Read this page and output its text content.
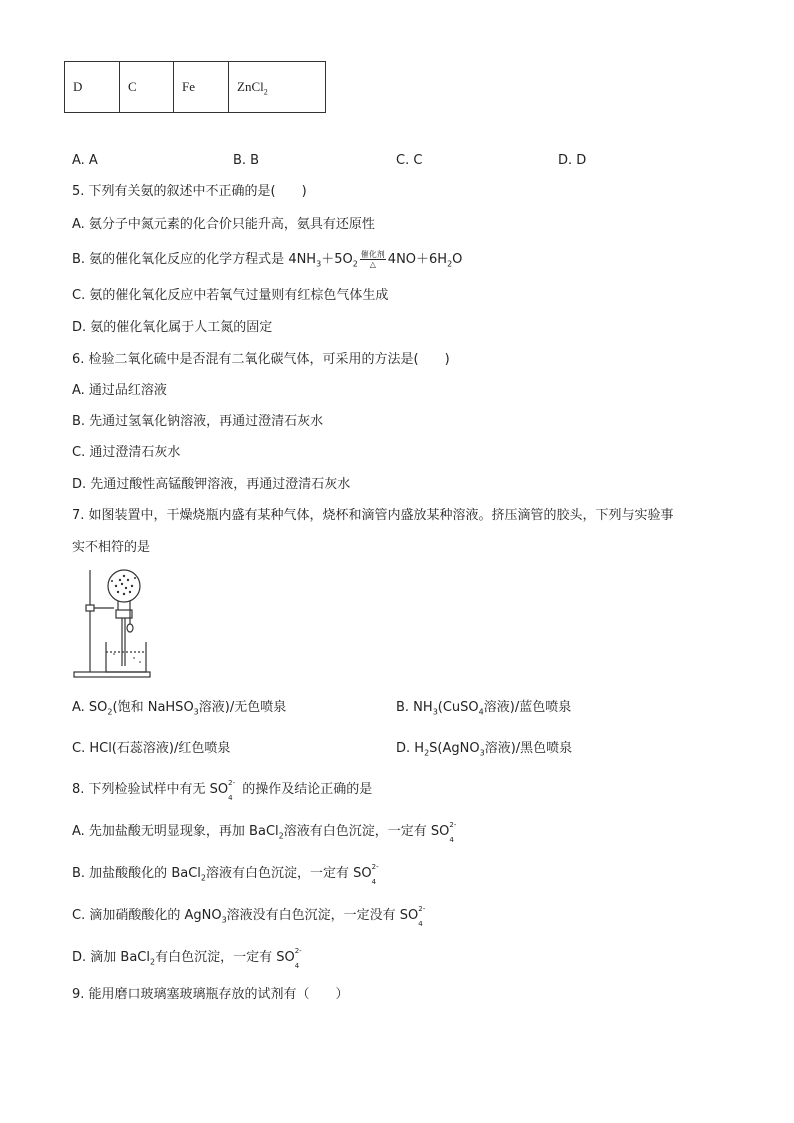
D	C	Fe	ZnCl$_2$
A. A	B. B	C. C	D. D
5. 下列有关氨的叙述中不正确的是(　　)
A. 氨分子中氮元素的化合价只能升高，氨具有还原性
B. 氨的催化氧化反应的化学方程式是 $4NH_3+5O_2 \frac{\text{催化剂}}{\triangle} 4NO+6H_2O$
C. 氨的催化氧化反应中若氧气过量则有红棕色气体生成
D. 氨的催化氧化属于人工氮的固定
6. 检验二氧化硫中是否混有二氧化碳气体，可采用的方法是(　　)
A. 通过品红溶液
B. 先通过氢氧化钠溶液，再通过澄清石灰水
C. 通过澄清石灰水
D. 先通过酸性高锰酸钾溶液，再通过澄清石灰水
7. 如图装置中，干燥烧瓶内盛有某种气体，烧杯和滴管内盛放某种溶液。挤压滴管的胶头，下列与实验事
实不相符的是
A. $SO_2$(饱和 NaHSO$_3$溶液)/无色喷泉	B. $NH_3(CuSO_4$溶液)/蓝色喷泉
C. HCl(石蕊溶液)/红色喷泉	D. $H_2S(AgNO_3$溶液)/黑色喷泉
8. 下列检验试样中有无 SO 2-
4
的操作及结论正确的是
A. 先加盐酸无明显现象，再加 BaCl$_2$溶液有白色沉淀，一定有 SO 2-
4
B. 加盐酸酸化的 BaCl$_2$溶液有白色沉淀，一定有 SO 2-
4
C. 滴加硝酸酸化的 AgNO$_3$溶液没有白色沉淀，一定没有 SO 2-
4
D. 滴加 BaCl$_2$有白色沉淀，一定有 SO 2-
4
9. 能用磨口玻璃塞玻璃瓶存放的试剂有（　　）
